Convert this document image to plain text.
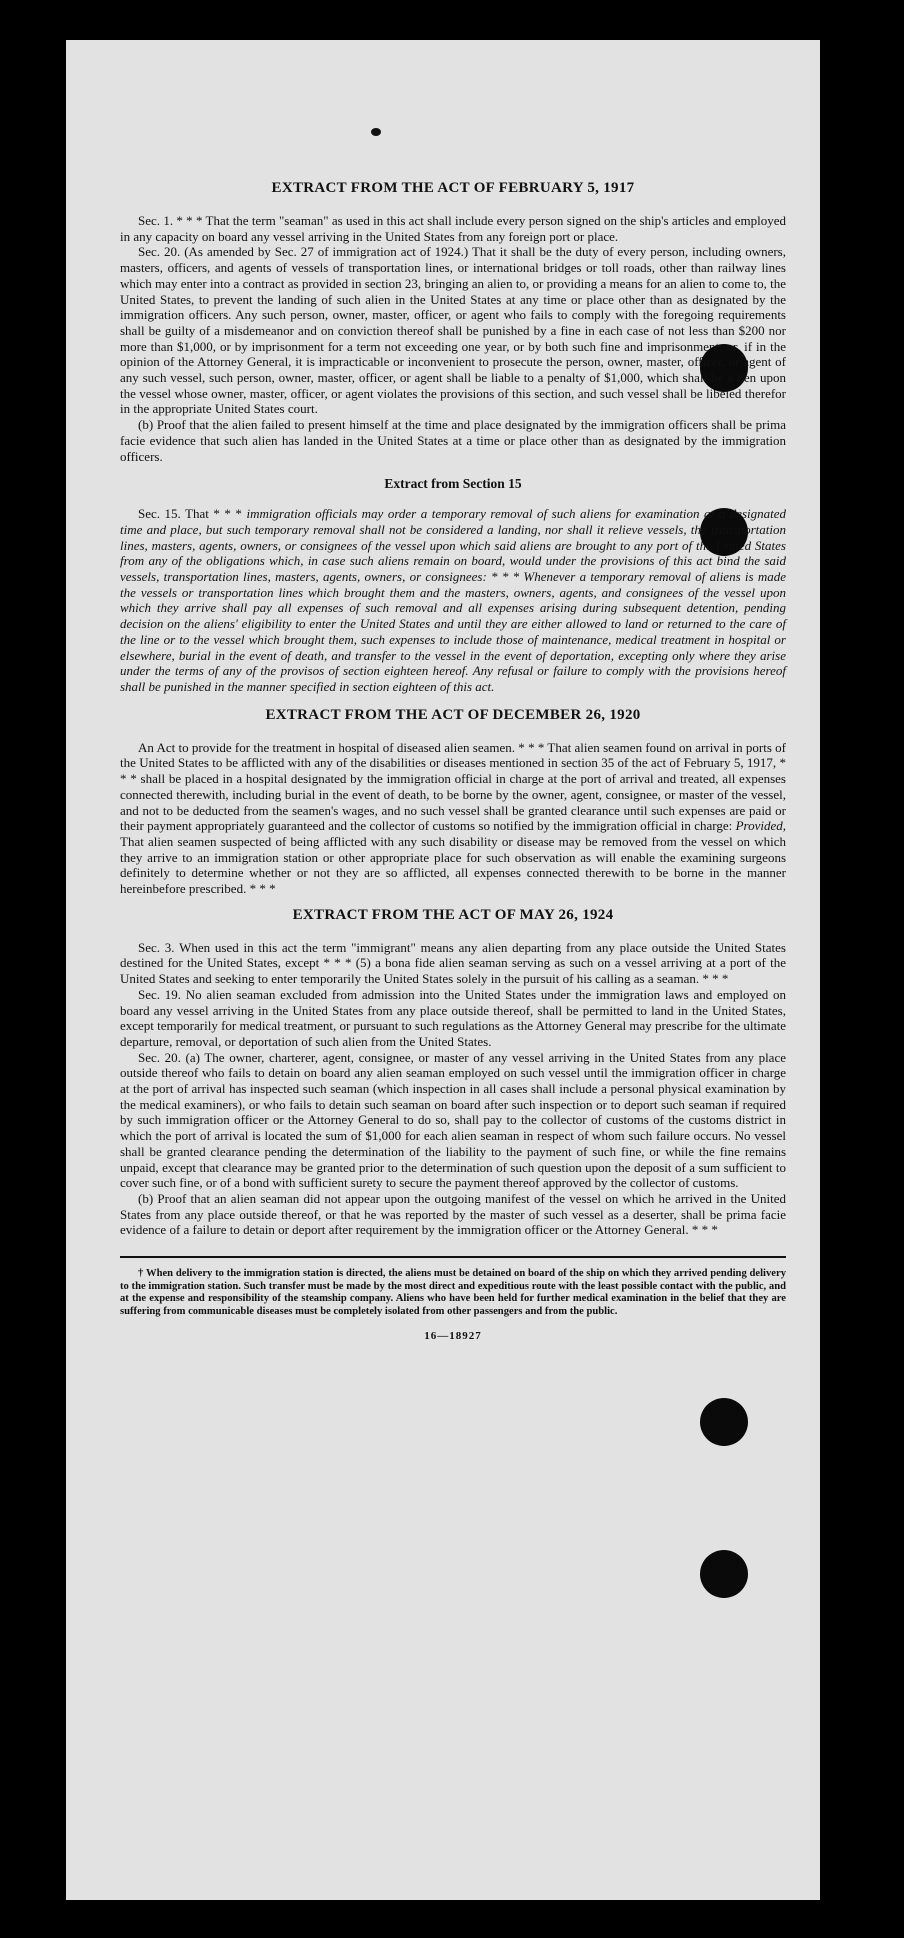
EXTRACT FROM THE ACT OF FEBRUARY 5, 1917

Sec. 1. * * * That the term "seaman" as used in this act shall include every person signed on the ship's articles and employed in any capacity on board any vessel arriving in the United States from any foreign port or place.

Sec. 20. (As amended by Sec. 27 of immigration act of 1924.) That it shall be the duty of every person, including owners, masters, officers, and agents of vessels of transportation lines, or international bridges or toll roads, other than railway lines which may enter into a contract as provided in section 23, bringing an alien to, or providing a means for an alien to come to, the United States, to prevent the landing of such alien in the United States at any time or place other than as designated by the immigration officers. Any such person, owner, master, officer, or agent who fails to comply with the foregoing requirements shall be guilty of a misdemeanor and on conviction thereof shall be punished by a fine in each case of not less than $200 nor more than $1,000, or by imprisonment for a term not exceeding one year, or by both such fine and imprisonment; or, if in the opinion of the Attorney General, it is impracticable or inconvenient to prosecute the person, owner, master, officer, or agent of any such vessel, such person, owner, master, officer, or agent shall be liable to a penalty of $1,000, which shall be a lien upon the vessel whose owner, master, officer, or agent violates the provisions of this section, and such vessel shall be libeled therefor in the appropriate United States court.

(b) Proof that the alien failed to present himself at the time and place designated by the immigration officers shall be prima facie evidence that such alien has landed in the United States at a time or place other than as designated by the immigration officers.

Extract from Section 15

Sec. 15. That * * * immigration officials may order a temporary removal of such aliens for examination at a designated time and place, but such temporary removal shall not be considered a landing, nor shall it relieve vessels, the transportation lines, masters, agents, owners, or consignees of the vessel upon which said aliens are brought to any port of the United States from any of the obligations which, in case such aliens remain on board, would under the provisions of this act bind the said vessels, transportation lines, masters, agents, owners, or consignees: * * * Whenever a temporary removal of aliens is made the vessels or transportation lines which brought them and the masters, owners, agents, and consignees of the vessel upon which they arrive shall pay all expenses of such removal and all expenses arising during subsequent detention, pending decision on the aliens' eligibility to enter the United States and until they are either allowed to land or returned to the care of the line or to the vessel which brought them, such expenses to include those of maintenance, medical treatment in hospital or elsewhere, burial in the event of death, and transfer to the vessel in the event of deportation, excepting only where they arise under the terms of any of the provisos of section eighteen hereof. Any refusal or failure to comply with the provisions hereof shall be punished in the manner specified in section eighteen of this act.

EXTRACT FROM THE ACT OF DECEMBER 26, 1920

An Act to provide for the treatment in hospital of diseased alien seamen. * * * That alien seamen found on arrival in ports of the United States to be afflicted with any of the disabilities or diseases mentioned in section 35 of the act of February 5, 1917, * * * shall be placed in a hospital designated by the immigration official in charge at the port of arrival and treated, all expenses connected therewith, including burial in the event of death, to be borne by the owner, agent, consignee, or master of the vessel, and not to be deducted from the seamen's wages, and no such vessel shall be granted clearance until such expenses are paid or their payment appropriately guaranteed and the collector of customs so notified by the immigration official in charge: Provided, That alien seamen suspected of being afflicted with any such disability or disease may be removed from the vessel on which they arrive to an immigration station or other appropriate place for such observation as will enable the examining surgeons definitely to determine whether or not they are so afflicted, all expenses connected therewith to be borne in the manner hereinbefore prescribed. * * *

EXTRACT FROM THE ACT OF MAY 26, 1924

Sec. 3. When used in this act the term "immigrant" means any alien departing from any place outside the United States destined for the United States, except * * * (5) a bona fide alien seaman serving as such on a vessel arriving at a port of the United States and seeking to enter temporarily the United States solely in the pursuit of his calling as a seaman. * * *

Sec. 19. No alien seaman excluded from admission into the United States under the immigration laws and employed on board any vessel arriving in the United States from any place outside thereof, shall be permitted to land in the United States, except temporarily for medical treatment, or pursuant to such regulations as the Attorney General may prescribe for the ultimate departure, removal, or deportation of such alien from the United States.

Sec. 20. (a) The owner, charterer, agent, consignee, or master of any vessel arriving in the United States from any place outside thereof who fails to detain on board any alien seaman employed on such vessel until the immigration officer in charge at the port of arrival has inspected such seaman (which inspection in all cases shall include a personal physical examination by the medical examiners), or who fails to detain such seaman on board after such inspection or to deport such seaman if required by such immigration officer or the Attorney General to do so, shall pay to the collector of customs of the customs district in which the port of arrival is located the sum of $1,000 for each alien seaman in respect of whom such failure occurs. No vessel shall be granted clearance pending the determination of the liability to the payment of such fine, or while the fine remains unpaid, except that clearance may be granted prior to the determination of such question upon the deposit of a sum sufficient to cover such fine, or of a bond with sufficient surety to secure the payment thereof approved by the collector of customs.

(b) Proof that an alien seaman did not appear upon the outgoing manifest of the vessel on which he arrived in the United States from any place outside thereof, or that he was reported by the master of such vessel as a deserter, shall be prima facie evidence of a failure to detain or deport after requirement by the immigration officer or the Attorney General. * * *

† When delivery to the immigration station is directed, the aliens must be detained on board of the ship on which they arrived pending delivery to the immigration station. Such transfer must be made by the most direct and expeditious route with the least possible contact with the public, and at the expense and responsibility of the steamship company. Aliens who have been held for further medical examination in the belief that they are suffering from communicable diseases must be completely isolated from other passengers and from the public.

16—18927
